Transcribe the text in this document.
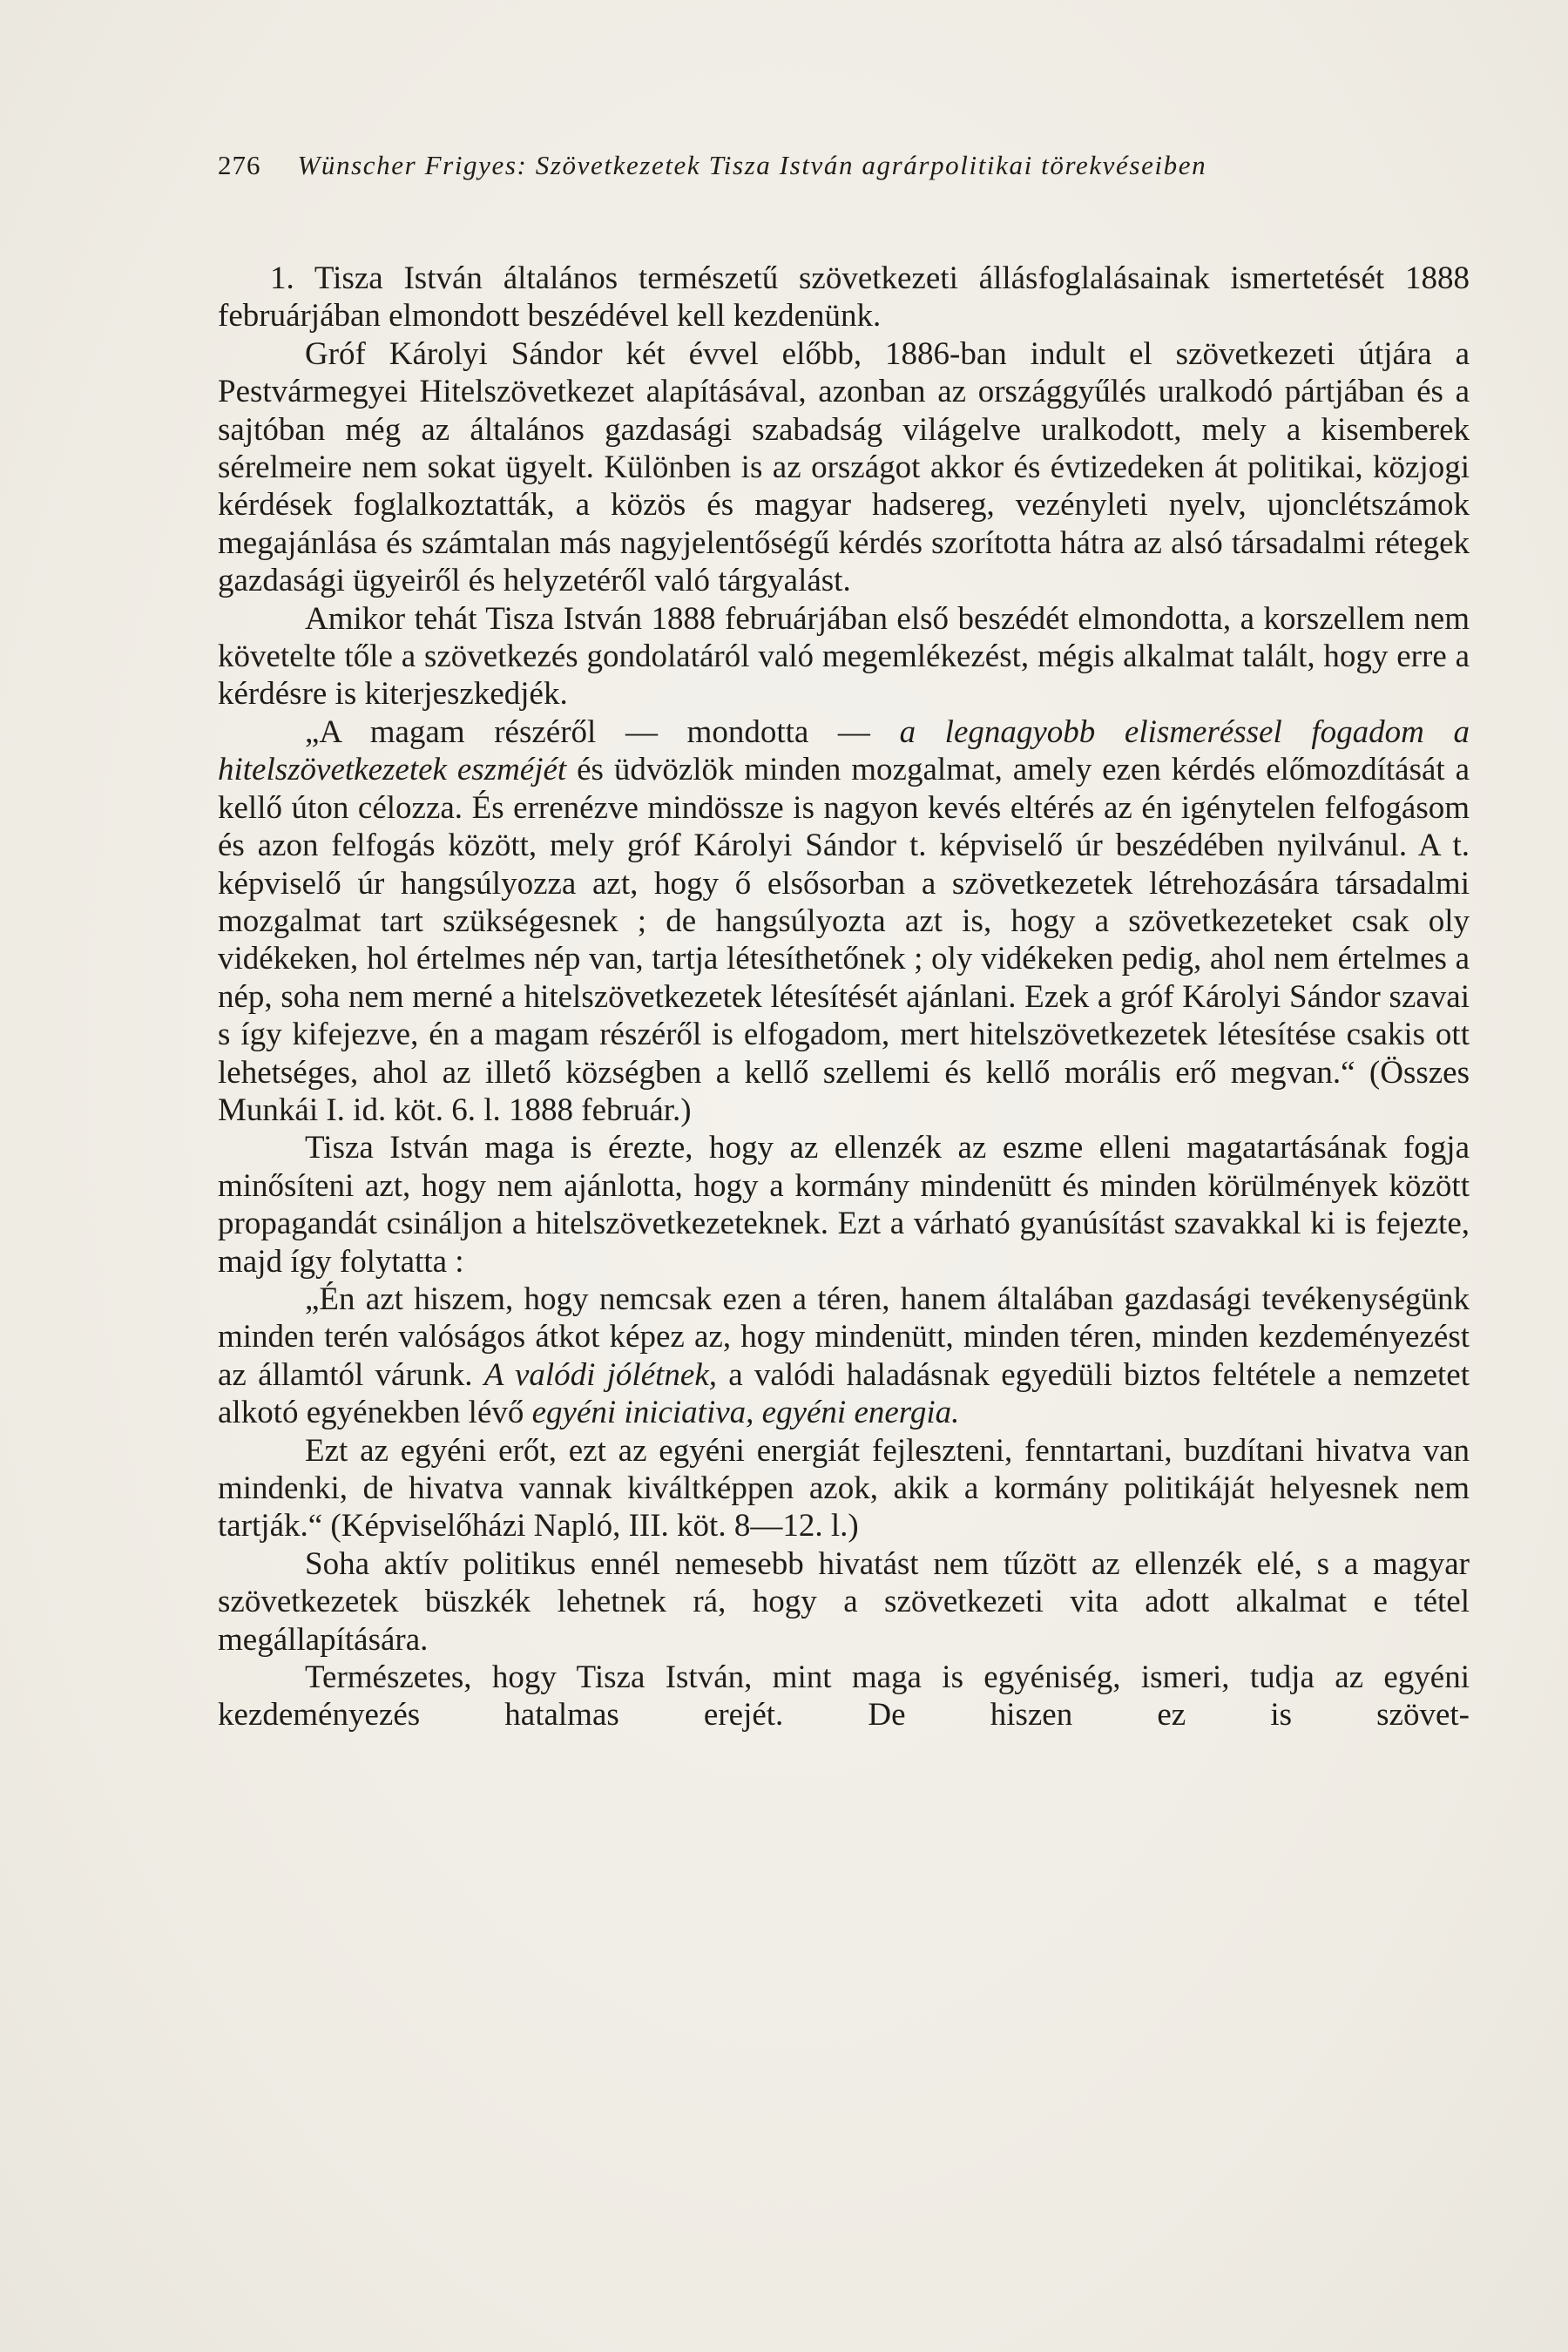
276 Wünscher Frigyes: Szövetkezetek Tisza István agrárpolitikai törekvéseiben

1. Tisza István általános természetű szövetkezeti állásfoglalásainak ismertetését 1888 februárjában elmondott beszédével kell kezdenünk.

Gróf Károlyi Sándor két évvel előbb, 1886-ban indult el szövetkezeti útjára a Pestvármegyei Hitelszövetkezet alapításával, azonban az országgyűlés uralkodó pártjában és a sajtóban még az általános gazdasági szabadság világelve uralkodott, mely a kisemberek sérelmeire nem sokat ügyelt. Különben is az országot akkor és évtizedeken át politikai, közjogi kérdések foglalkoztatták, a közös és magyar hadsereg, vezényleti nyelv, ujonclétszámok megajánlása és számtalan más nagyjelentőségű kérdés szorította hátra az alsó társadalmi rétegek gazdasági ügyeiről és helyzetéről való tárgyalást.

Amikor tehát Tisza István 1888 februárjában első beszédét elmondotta, a korszellem nem követelte tőle a szövetkezés gondolatáról való megemlékezést, mégis alkalmat talált, hogy erre a kérdésre is kiterjeszkedjék.

„A magam részéről — mondotta — a legnagyobb elismeréssel fogadom a hitelszövetkezetek eszméjét és üdvözlök minden mozgalmat, amely ezen kérdés előmozdítását a kellő úton célozza. És errenézve mindössze is nagyon kevés eltérés az én igénytelen felfogásom és azon felfogás között, mely gróf Károlyi Sándor t. képviselő úr beszédében nyilvánul. A t. képviselő úr hangsúlyozza azt, hogy ő elsősorban a szövetkezetek létrehozására társadalmi mozgalmat tart szükségesnek ; de hangsúlyozta azt is, hogy a szövetkezeteket csak oly vidékeken, hol értelmes nép van, tartja létesíthetőnek ; oly vidékeken pedig, ahol nem értelmes a nép, soha nem merné a hitelszövetkezetek létesítését ajánlani. Ezek a gróf Károlyi Sándor szavai s így kifejezve, én a magam részéről is elfogadom, mert hitelszövetkezetek létesítése csakis ott lehetséges, ahol az illető községben a kellő szellemi és kellő morális erő megvan.“ (Összes Munkái I. id. köt. 6. l. 1888 február.)

Tisza István maga is érezte, hogy az ellenzék az eszme elleni magatartásának fogja minősíteni azt, hogy nem ajánlotta, hogy a kormány mindenütt és minden körülmények között propagandát csináljon a hitelszövetkezeteknek. Ezt a várható gyanúsítást szavakkal ki is fejezte, majd így folytatta :

„Én azt hiszem, hogy nemcsak ezen a téren, hanem általában gazdasági tevékenységünk minden terén valóságos átkot képez az, hogy mindenütt, minden téren, minden kezdeményezést az államtól várunk. A valódi jólétnek, a valódi haladásnak egyedüli biztos feltétele a nemzetet alkotó egyénekben lévő egyéni iniciativa, egyéni energia.

Ezt az egyéni erőt, ezt az egyéni energiát fejleszteni, fenntartani, buzdítani hivatva van mindenki, de hivatva vannak kiváltképpen azok, akik a kormány politikáját helyesnek nem tartják.“ (Képviselőházi Napló, III. köt. 8—12. l.)

Soha aktív politikus ennél nemesebb hivatást nem tűzött az ellenzék elé, s a magyar szövetkezetek büszkék lehetnek rá, hogy a szövetkezeti vita adott alkalmat e tétel megállapítására.

Természetes, hogy Tisza István, mint maga is egyéniség, ismeri, tudja az egyéni kezdeményezés hatalmas erejét. De hiszen ez is szövet-
